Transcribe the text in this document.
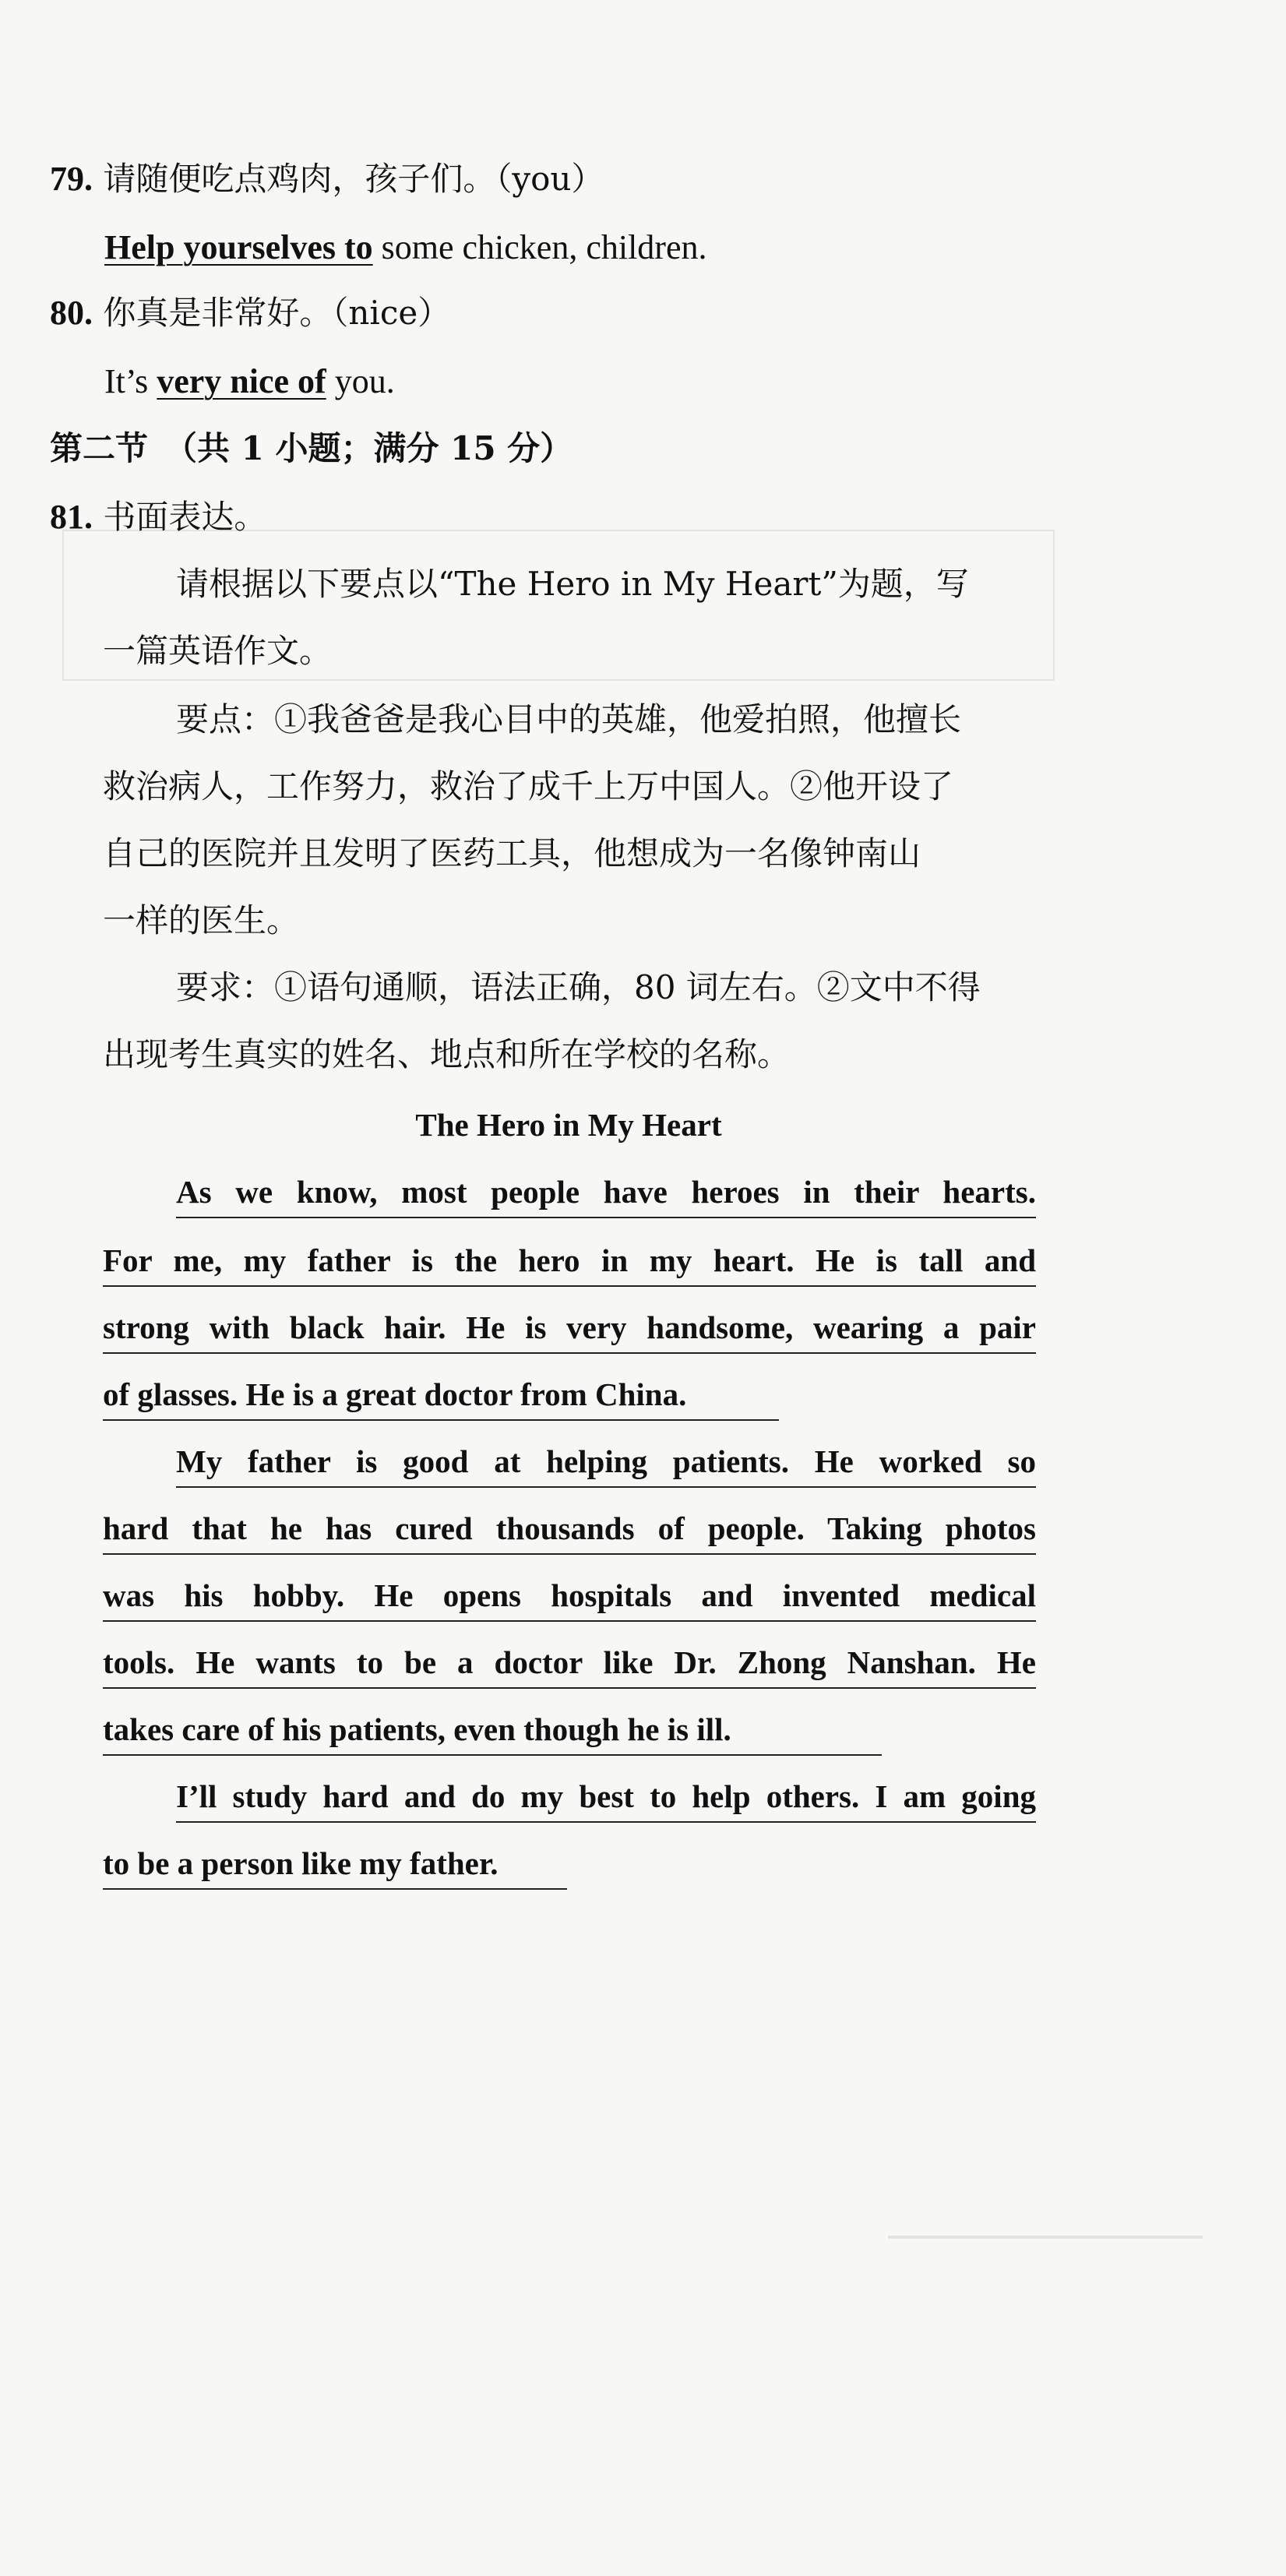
79. 请随便吃点鸡肉，孩子们。（you）
Help yourselves to some chicken, children.
80. 你真是非常好。（nice）
It’s very nice of you.
第二节　（共 1 小题；满分 15 分）
81. 书面表达。
请根据以下要点以“The Hero in My Heart”为题，写
一篇英语作文。
要点：①我爸爸是我心目中的英雄，他爱拍照，他擅长
救治病人，工作努力，救治了成千上万中国人。②他开设了
自己的医院并且发明了医药工具，他想成为一名像钟南山
一样的医生。
要求：①语句通顺，语法正确，80 词左右。②文中不得
出现考生真实的姓名、地点和所在学校的名称。
The Hero in My Heart
As we know, most people have heroes in their hearts.
For me, my father is the hero in my heart. He is tall and
strong with black hair. He is very handsome, wearing a pair
of glasses. He is a great doctor from China.
My father is good at helping patients. He worked so
hard that he has cured thousands of people. Taking photos
was his hobby. He opens hospitals and invented medical
tools. He wants to be a doctor like Dr. Zhong Nanshan. He
takes care of his patients, even though he is ill.
I’ll study hard and do my best to help others. I am going
to be a person like my father.
